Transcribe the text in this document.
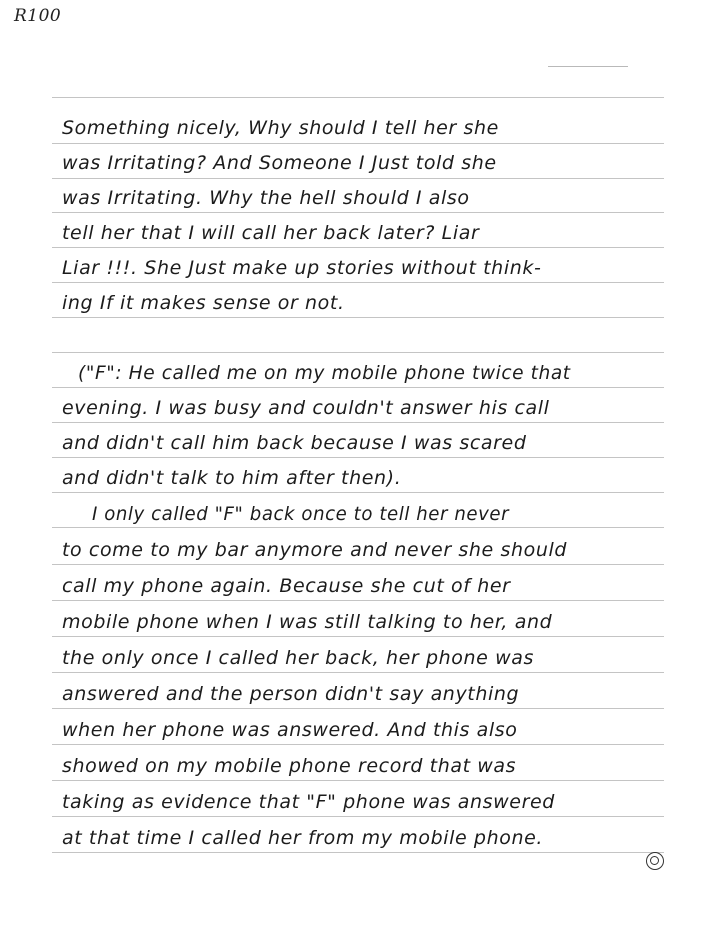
R100
Something nicely, Why should I tell her she
was Irritating? And Someone I Just told she
was Irritating. Why the hell should I also
tell her that I will call her back later? Liar
Liar !!!. She Just make up stories without think-
ing If it makes sense or not.
("F": He called me on my mobile phone twice that
evening. I was busy and couldn't answer his call
and didn't call him back because I was scared
and didn't talk to him after then).
I only called "F" back once to tell her never
to come to my bar anymore and never she should
call my phone again. Because she cut of her
mobile phone when I was still talking to her, and
the only once I called her back, her phone was
answered and the person didn't say anything
when her phone was answered. And this also
showed on my mobile phone record that was
taking as evidence that "F" phone was answered
at that time I called her from my mobile phone.
